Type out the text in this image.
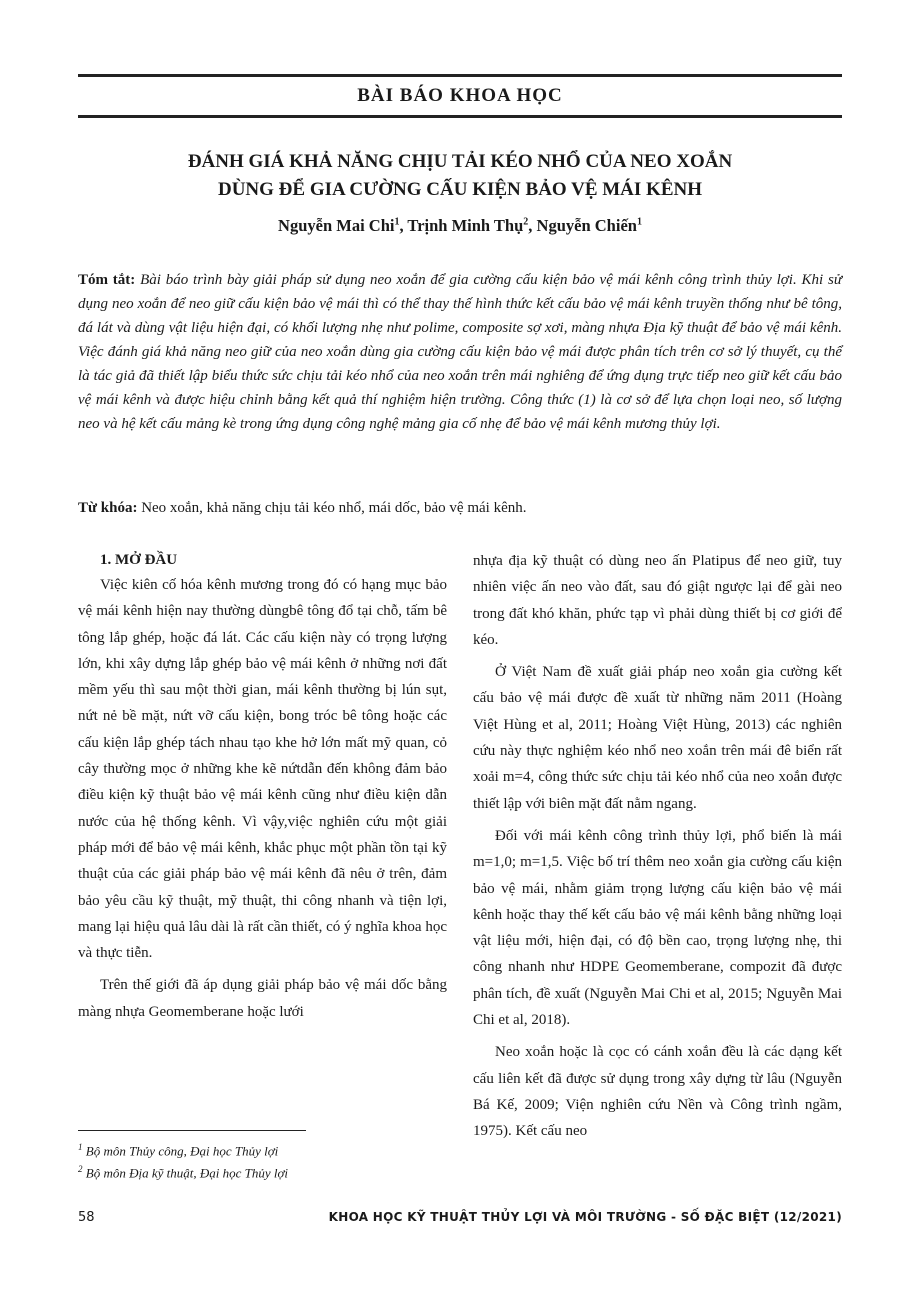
BÀI BÁO KHOA HỌC
ĐÁNH GIÁ KHẢ NĂNG CHỊU TẢI KÉO NHỔ CỦA NEO XOẮN
DÙNG ĐỂ GIA CƯỜNG CẤU KIỆN BẢO VỆ MÁI KÊNH
Nguyễn Mai Chi$^1$, Trịnh Minh Thụ$^2$, Nguyễn Chiến$^1$

Tóm tắt: Bài báo trình bày giải pháp sử dụng neo xoắn để gia cường cấu kiện bảo vệ mái kênh công trình thủy lợi. Khi sử dụng neo xoắn để neo giữ cấu kiện bảo vệ mái thì có thể thay thế hình thức kết cấu bảo vệ mái kênh truyền thống như bê tông, đá lát và dùng vật liệu hiện đại, có khối lượng nhẹ như polime, composite sợ xơi, màng nhựa Địa kỹ thuật để bảo vệ mái kênh. Việc đánh giá khả năng neo giữ của neo xoắn dùng gia cường cấu kiện bảo vệ mái được phân tích trên cơ sở lý thuyết, cụ thể là tác giả đã thiết lập biểu thức sức chịu tải kéo nhổ của neo xoắn trên mái nghiêng để ứng dụng trực tiếp neo giữ kết cấu bảo vệ mái kênh và được hiệu chỉnh bằng kết quả thí nghiệm hiện trường. Công thức (1) là cơ sở để lựa chọn loại neo, số lượng neo và hệ kết cấu mảng kè trong ứng dụng công nghệ mảng gia cố nhẹ để bảo vệ mái kênh mương thủy lợi.

Từ khóa: Neo xoắn, khả năng chịu tải kéo nhổ, mái dốc, bảo vệ mái kênh.

1. MỞ ĐẦU

Việc kiên cố hóa kênh mương trong đó có hạng mục bảo vệ mái kênh hiện nay thường dùngbê tông đổ tại chỗ, tấm bê tông lắp ghép, hoặc đá lát. Các cấu kiện này có trọng lượng lớn, khi xây dựng lắp ghép bảo vệ mái kênh ở những nơi đất mềm yếu thì sau một thời gian, mái kênh thường bị lún sụt, nứt nẻ bề mặt, nứt vỡ cấu kiện, bong tróc bê tông hoặc các cấu kiện lắp ghép tách nhau tạo khe hở lớn mất mỹ quan, cỏ cây thường mọc ở những khe kẽ nứtdẫn đến không đảm bảo điều kiện kỹ thuật bảo vệ mái kênh cũng như điều kiện dẫn nước của hệ thống kênh. Vì vậy,việc nghiên cứu một giải pháp mới để bảo vệ mái kênh, khắc phục một phần tồn tại kỹ thuật của các giải pháp bảo vệ mái kênh đã nêu ở trên, đảm bảo yêu cầu kỹ thuật, mỹ thuật, thi công nhanh và tiện lợi, mang lại hiệu quả lâu dài là rất cần thiết, có ý nghĩa khoa học và thực tiễn.

Trên thế giới đã áp dụng giải pháp bảo vệ mái dốc bằng màng nhựa Geomemberane hoặc lưới

nhựa địa kỹ thuật có dùng neo ấn Platipus để neo giữ, tuy nhiên việc ấn neo vào đất, sau đó giật ngược lại để gài neo trong đất khó khăn, phức tạp vì phải dùng thiết bị cơ giới để kéo.

Ở Việt Nam đề xuất giải pháp neo xoắn gia cường kết cấu bảo vệ mái được đề xuất từ những năm 2011 (Hoàng Việt Hùng et al, 2011; Hoàng Việt Hùng, 2013) các nghiên cứu này thực nghiệm kéo nhổ neo xoắn trên mái đê biển rất xoải m=4, công thức sức chịu tải kéo nhổ của neo xoắn được thiết lập với biên mặt đất nằm ngang.

Đối với mái kênh công trình thủy lợi, phổ biến là mái m=1,0; m=1,5. Việc bố trí thêm neo xoắn gia cường cấu kiện bảo vệ mái, nhằm giảm trọng lượng cấu kiện bảo vệ mái kênh hoặc thay thế kết cấu bảo vệ mái kênh bằng những loại vật liệu mới, hiện đại, có độ bền cao, trọng lượng nhẹ, thi công nhanh như HDPE Geomemberane, compozit đã được phân tích, đề xuất (Nguyễn Mai Chi et al, 2015; Nguyễn Mai Chi et al, 2018).

Neo xoắn hoặc là cọc có cánh xoắn đều là các dạng kết cấu liên kết đã được sử dụng trong xây dựng từ lâu (Nguyễn Bá Kế, 2009; Viện nghiên cứu Nền và Công trình ngầm, 1975). Kết cấu neo

$^1$ Bộ môn Thủy công, Đại học Thủy lợi
$^2$ Bộ môn Địa kỹ thuật, Đại học Thủy lợi
58	KHOA HỌC KỸ THUẬT THỦY LỢI VÀ MÔI TRƯỜNG - SỐ ĐẶC BIỆT (12/2021)
